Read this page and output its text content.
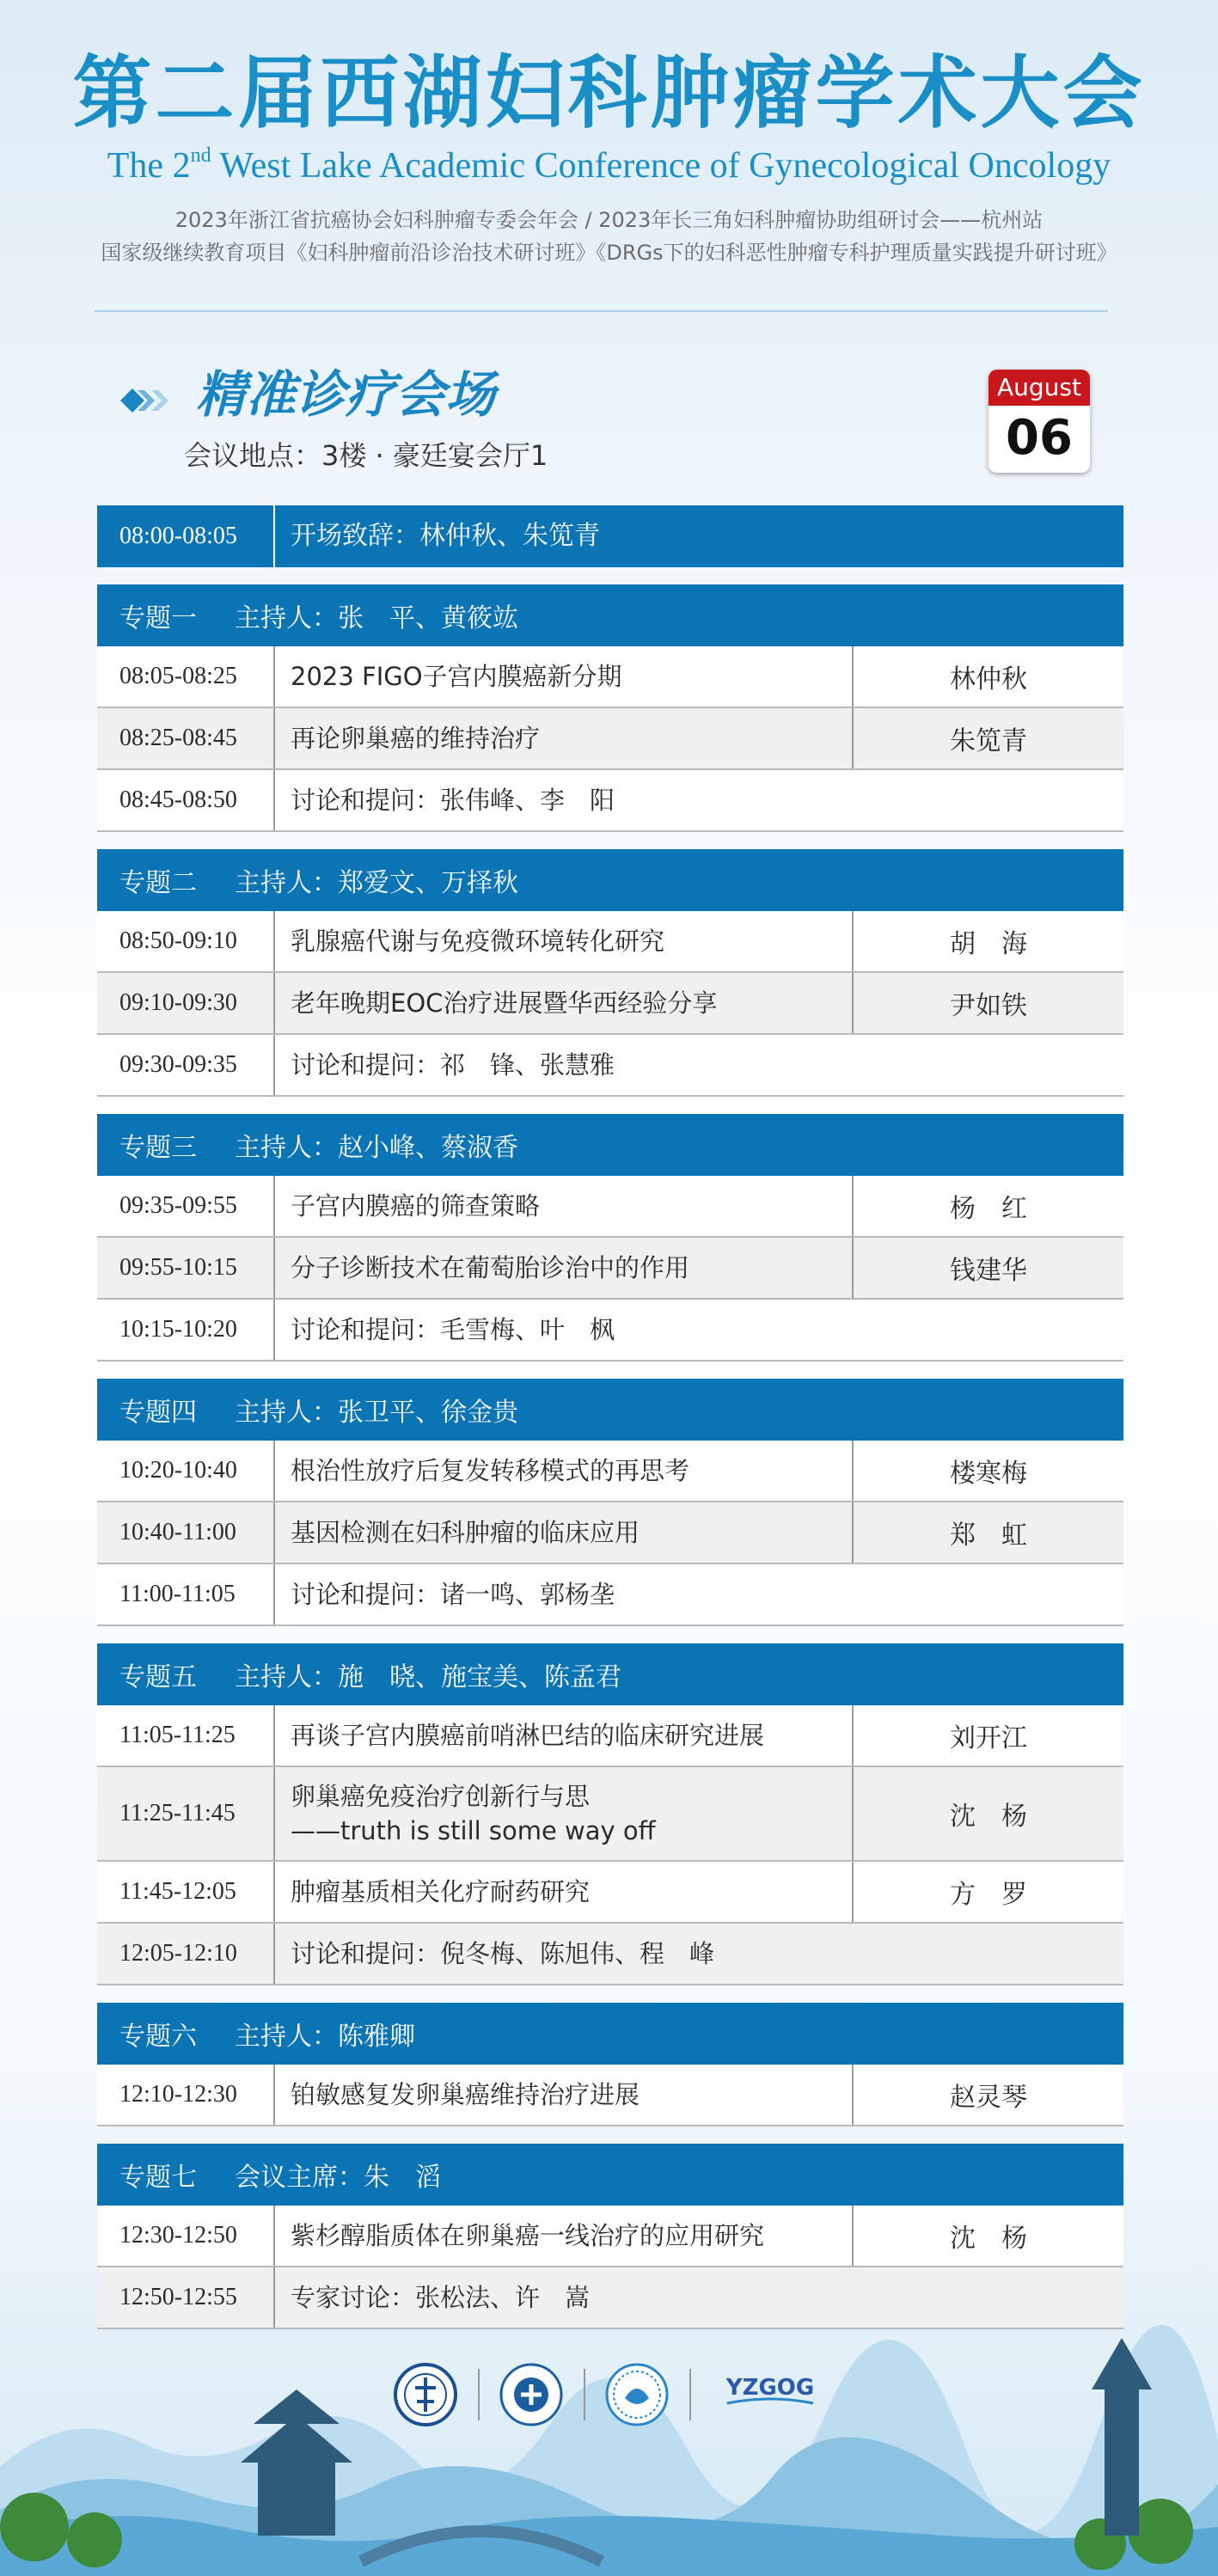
第二届西湖妇科肿瘤学术大会
The 2nd West Lake Academic Conference of Gynecological Oncology
2023年浙江省抗癌协会妇科肿瘤专委会年会 / 2023年长三角妇科肿瘤协助组研讨会——杭州站
国家级继续教育项目《妇科肿瘤前沿诊治技术研讨班》《DRGs下的妇科恶性肿瘤专科护理质量实践提升研讨班》
精准诊疗会场
会议地点：3楼 · 豪廷宴会厅1
August
06
08:00-08:05	开场致辞：林仲秋、朱笕青
专题一	主持人：张　平、黄筱竑
08:05-08:25	2023 FIGO子宫内膜癌新分期	林仲秋
08:25-08:45	再论卵巢癌的维持治疗	朱笕青
08:45-08:50	讨论和提问：张伟峰、李　阳
专题二	主持人：郑爱文、万择秋
08:50-09:10	乳腺癌代谢与免疫微环境转化研究	胡　海
09:10-09:30	老年晚期EOC治疗进展暨华西经验分享	尹如铁
09:30-09:35	讨论和提问：祁　锋、张慧雅
专题三	主持人：赵小峰、蔡淑香
09:35-09:55	子宫内膜癌的筛查策略	杨　红
09:55-10:15	分子诊断技术在葡萄胎诊治中的作用	钱建华
10:15-10:20	讨论和提问：毛雪梅、叶　枫
专题四	主持人：张卫平、徐金贵
10:20-10:40	根治性放疗后复发转移模式的再思考	楼寒梅
10:40-11:00	基因检测在妇科肿瘤的临床应用	郑　虹
11:00-11:05	讨论和提问：诸一鸣、郭杨垄
专题五	主持人：施　晓、施宝美、陈孟君
11:05-11:25	再谈子宫内膜癌前哨淋巴结的临床研究进展	刘开江
11:25-11:45
卵巢癌免疫治疗创新行与思
——truth is still some way off	沈　杨
11:45-12:05	肿瘤基质相关化疗耐药研究	方　罗
12:05-12:10	讨论和提问：倪冬梅、陈旭伟、程　峰
专题六	主持人：陈雅卿
12:10-12:30	铂敏感复发卵巢癌维持治疗进展	赵灵琴
专题七	会议主席：朱　滔
12:30-12:50	紫杉醇脂质体在卵巢癌一线治疗的应用研究	沈　杨
12:50-12:55	专家讨论：张松法、许　嵩
YZGOG
